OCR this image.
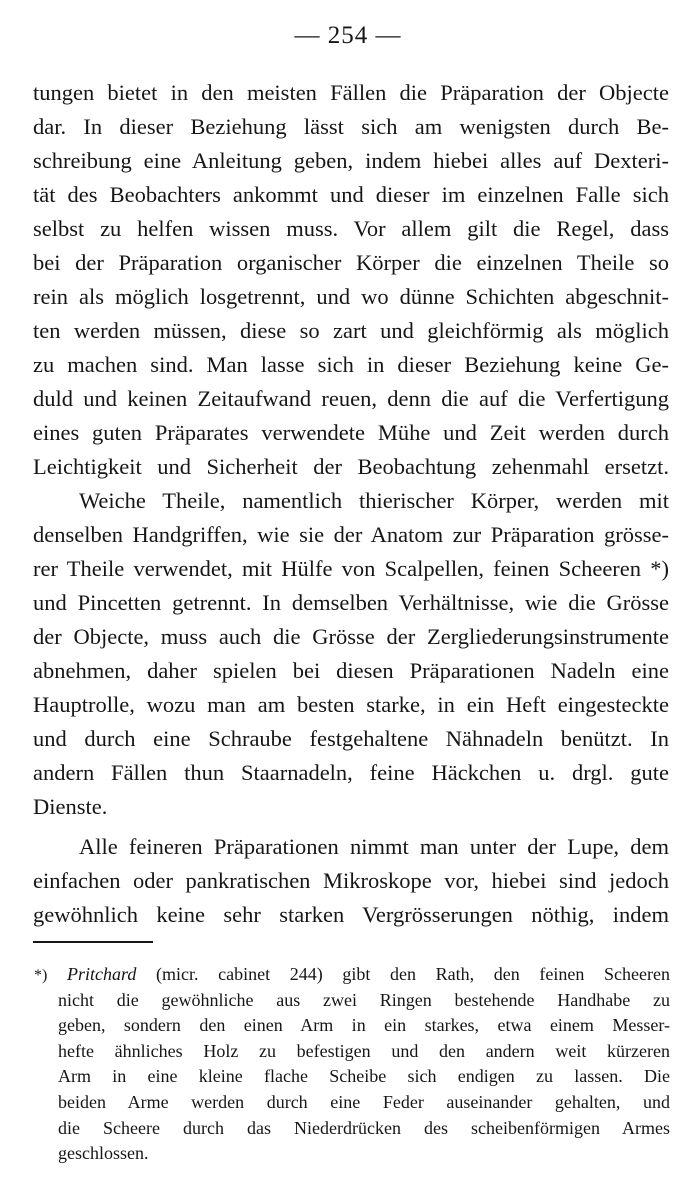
— 254 —
tungen bietet in den meisten Fällen die Präparation der Objecte
dar. In dieser Beziehung lässt sich am wenigsten durch Be-
schreibung eine Anleitung geben, indem hiebei alles auf Dexteri-
tät des Beobachters ankommt und dieser im einzelnen Falle sich
selbst zu helfen wissen muss. Vor allem gilt die Regel, dass
bei der Präparation organischer Körper die einzelnen Theile so
rein als möglich losgetrennt, und wo dünne Schichten abgeschnit-
ten werden müssen, diese so zart und gleichförmig als möglich
zu machen sind. Man lasse sich in dieser Beziehung keine Ge-
duld und keinen Zeitaufwand reuen, denn die auf die Verfertigung
eines guten Präparates verwendete Mühe und Zeit werden durch
Leichtigkeit und Sicherheit der Beobachtung zehenmahl ersetzt.
Weiche Theile, namentlich thierischer Körper, werden mit
denselben Handgriffen, wie sie der Anatom zur Präparation grösse-
rer Theile verwendet, mit Hülfe von Scalpellen, feinen Scheeren *)
und Pincetten getrennt. In demselben Verhältnisse, wie die Grösse
der Objecte, muss auch die Grösse der Zergliederungsinstrumente
abnehmen, daher spielen bei diesen Präparationen Nadeln eine
Hauptrolle, wozu man am besten starke, in ein Heft eingesteckte
und durch eine Schraube festgehaltene Nähnadeln benützt. In
andern Fällen thun Staarnadeln, feine Häckchen u. drgl. gute
Dienste.
Alle feineren Präparationen nimmt man unter der Lupe, dem
einfachen oder pankratischen Mikroskope vor, hiebei sind jedoch
gewöhnlich keine sehr starken Vergrösserungen nöthig, indem
*) Pritchard (micr. cabinet 244) gibt den Rath, den feinen Scheeren
nicht die gewöhnliche aus zwei Ringen bestehende Handhabe zu
geben, sondern den einen Arm in ein starkes, etwa einem Messer-
hefte ähnliches Holz zu befestigen und den andern weit kürzeren
Arm in eine kleine flache Scheibe sich endigen zu lassen. Die
beiden Arme werden durch eine Feder auseinander gehalten, und
die Scheere durch das Niederdrücken des scheibenförmigen Armes
geschlossen.
